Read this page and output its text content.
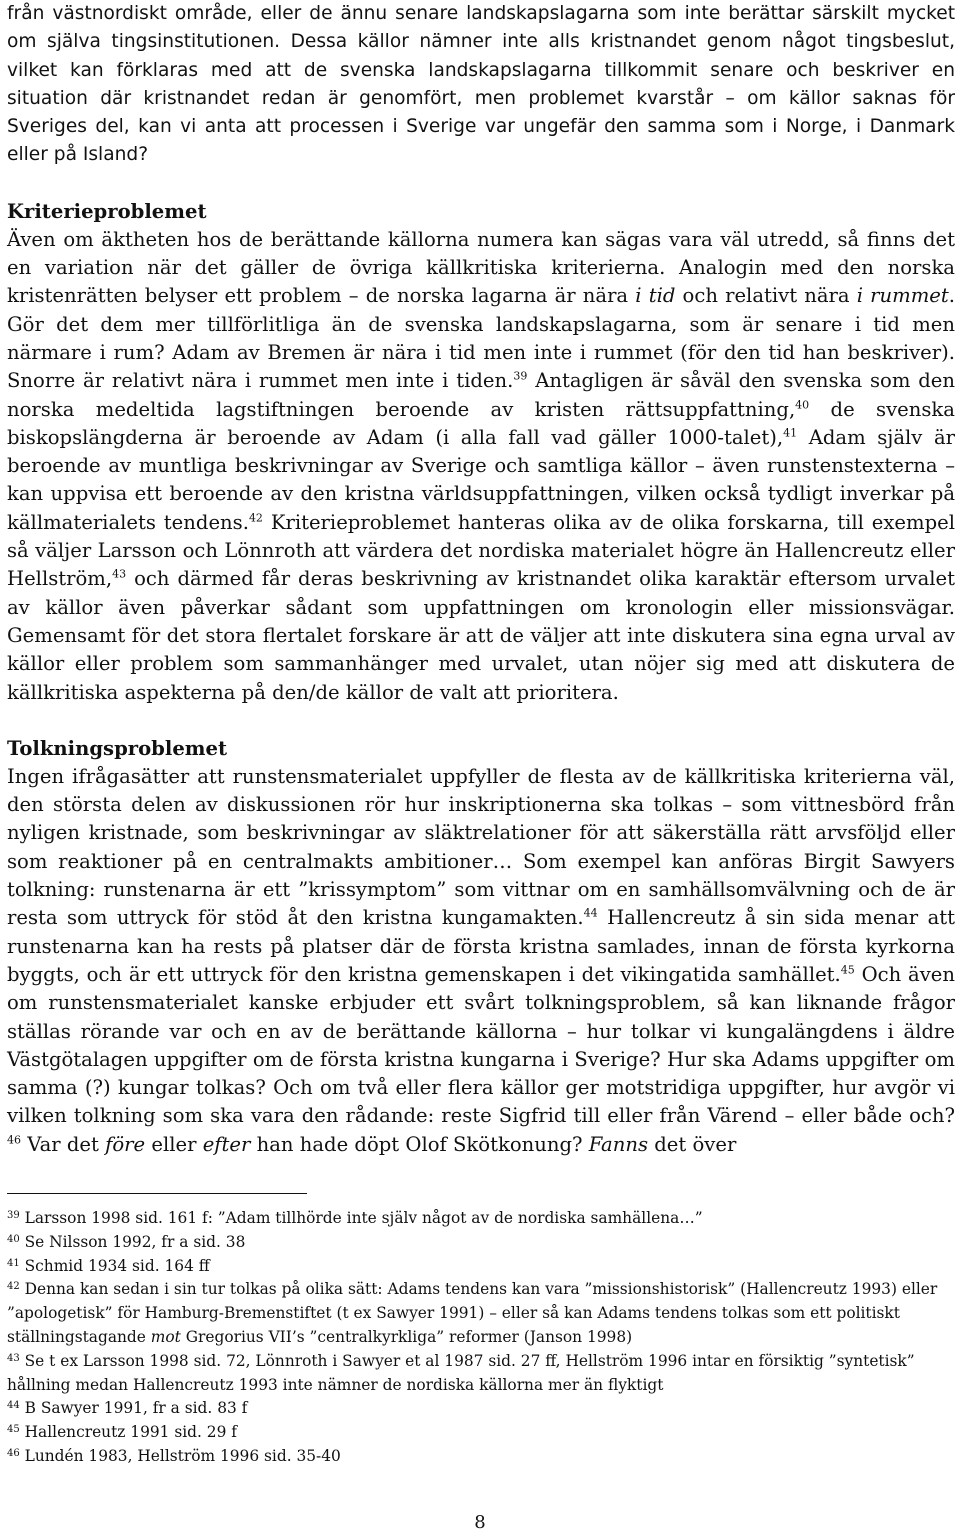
från västnordiskt område, eller de ännu senare landskapslagarna som inte berättar särskilt mycket om själva tingsinstitutionen. Dessa källor nämner inte alls kristnandet genom något tingsbeslut, vilket kan förklaras med att de svenska landskapslagarna tillkommit senare och beskriver en situation där kristnandet redan är genomfört, men problemet kvarstår – om källor saknas för Sveriges del, kan vi anta att processen i Sverige var ungefär den samma som i Norge, i Danmark eller på Island?

Kriterieproblemet

Även om äktheten hos de berättande källorna numera kan sägas vara väl utredd, så finns det en variation när det gäller de övriga källkritiska kriterierna. Analogin med den norska kristenrätten belyser ett problem – de norska lagarna är nära i tid och relativt nära i rummet. Gör det dem mer tillförlitliga än de svenska landskapslagarna, som är senare i tid men närmare i rum? Adam av Bremen är nära i tid men inte i rummet (för den tid han beskriver). Snorre är relativt nära i rummet men inte i tiden.$^{39}$ Antagligen är såväl den svenska som den norska medeltida lagstiftningen beroende av kristen rättsuppfattning,$^{40}$ de svenska biskopslängderna är beroende av Adam (i alla fall vad gäller 1000-talet),$^{41}$ Adam själv är beroende av muntliga beskrivningar av Sverige och samtliga källor – även runstenstexterna – kan uppvisa ett beroende av den kristna världsuppfattningen, vilken också tydligt inverkar på källmaterialets tendens.$^{42}$ Kriterieproblemet hanteras olika av de olika forskarna, till exempel så väljer Larsson och Lönnroth att värdera det nordiska materialet högre än Hallencreutz eller Hellström,$^{43}$ och därmed får deras beskrivning av kristnandet olika karaktär eftersom urvalet av källor även påverkar sådant som uppfattningen om kronologin eller missionsvägar. Gemensamt för det stora flertalet forskare är att de väljer att inte diskutera sina egna urval av källor eller problem som sammanhänger med urvalet, utan nöjer sig med att diskutera de källkritiska aspekterna på den/de källor de valt att prioritera.

Tolkningsproblemet

Ingen ifrågasätter att runstensmaterialet uppfyller de flesta av de källkritiska kriterierna väl, den största delen av diskussionen rör hur inskriptionerna ska tolkas – som vittnesbörd från nyligen kristnade, som beskrivningar av släktrelationer för att säkerställa rätt arvsföljd eller som reaktioner på en centralmakts ambitioner… Som exempel kan anföras Birgit Sawyers tolkning: runstenarna är ett ”krissymptom” som vittnar om en samhällsomvälvning och de är resta som uttryck för stöd åt den kristna kungamakten.$^{44}$ Hallencreutz å sin sida menar att runstenarna kan ha rests på platser där de första kristna samlades, innan de första kyrkorna byggts, och är ett uttryck för den kristna gemenskapen i det vikingatida samhället.$^{45}$ Och även om runstensmaterialet kanske erbjuder ett svårt tolkningsproblem, så kan liknande frågor ställas rörande var och en av de berättande källorna – hur tolkar vi kungalängdens i äldre Västgötalagen uppgifter om de första kristna kungarna i Sverige? Hur ska Adams uppgifter om samma (?) kungar tolkas? Och om två eller flera källor ger motstridiga uppgifter, hur avgör vi vilken tolkning som ska vara den rådande: reste Sigfrid till eller från Värend – eller både och?$^{46}$ Var det före eller efter han hade döpt Olof Skötkonung? Fanns det över

$^{39}$ Larsson 1998 sid. 161 f: ”Adam tillhörde inte själv något av de nordiska samhällena…”

$^{40}$ Se Nilsson 1992, fr a sid. 38

$^{41}$ Schmid 1934 sid. 164 ff

$^{42}$ Denna kan sedan i sin tur tolkas på olika sätt: Adams tendens kan vara ”missionshistorisk” (Hallencreutz 1993) eller ”apologetisk” för Hamburg-Bremenstiftet (t ex Sawyer 1991) – eller så kan Adams tendens tolkas som ett politiskt ställningstagande mot Gregorius VII’s ”centralkyrkliga” reformer (Janson 1998)

$^{43}$ Se t ex Larsson 1998 sid. 72, Lönnroth i Sawyer et al 1987 sid. 27 ff, Hellström 1996 intar en försiktig ”syntetisk” hållning medan Hallencreutz 1993 inte nämner de nordiska källorna mer än flyktigt

$^{44}$ B Sawyer 1991, fr a sid. 83 f

$^{45}$ Hallencreutz 1991 sid. 29 f

$^{46}$ Lundén 1983, Hellström 1996 sid. 35-40

8
